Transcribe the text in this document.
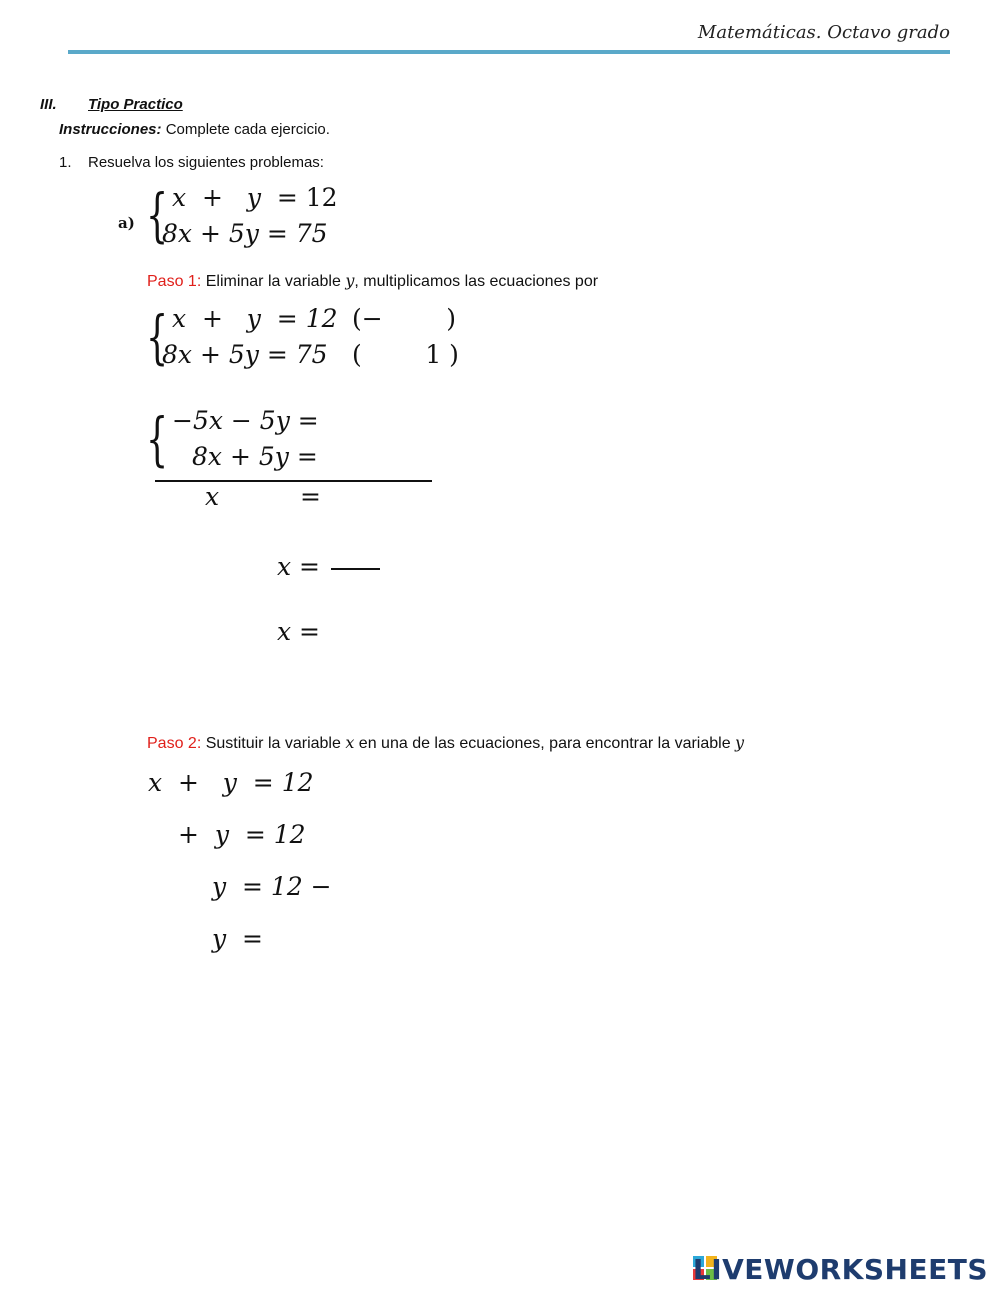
Matemáticas. Octavo grado
III. Tipo Practico
Instrucciones: Complete cada ejercicio.
1. Resuelva los siguientes problemas:
a) { x + y = 12
8x + 5y = 75
Paso 1: Eliminar la variable y, multiplicamos las ecuaciones por
{ x  +   y  = 12 (−        )
8x + 5y = 75 (        1 )
{ −5x − 5y =
8x + 5y =
x	=
x =
x =
Paso 2: Sustituir la variable x en una de las ecuaciones, para encontrar la variable y
x  +   y  = 12
+  y  = 12
y  = 12 −
y  =
LIVEWORKSHEETS
